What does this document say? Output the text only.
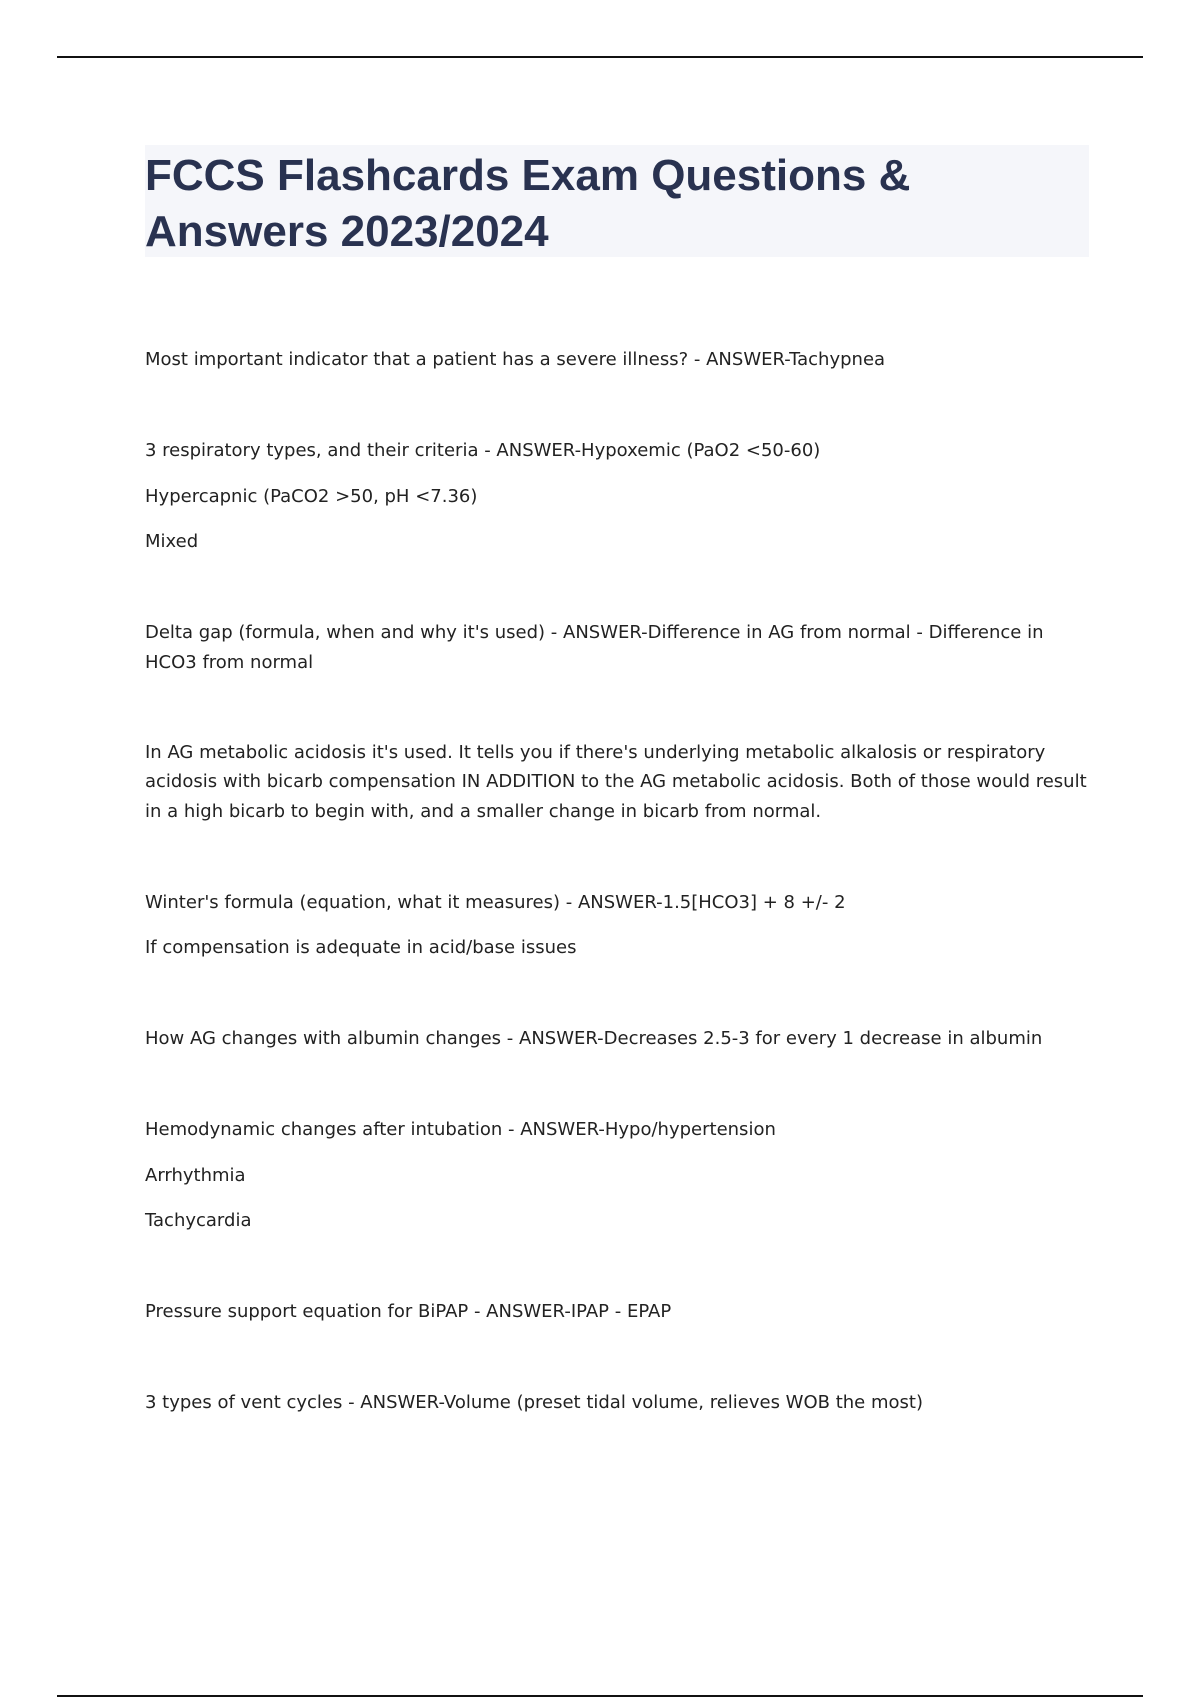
FCCS Flashcards Exam Questions & Answers 2023/2024
Most important indicator that a patient has a severe illness? - ANSWER-Tachypnea
3 respiratory types, and their criteria - ANSWER-Hypoxemic (PaO2 <50-60)
Hypercapnic (PaCO2 >50, pH <7.36)
Mixed
Delta gap (formula, when and why it's used) - ANSWER-Difference in AG from normal - Difference in
HCO3 from normal
In AG metabolic acidosis it's used. It tells you if there's underlying metabolic alkalosis or respiratory
acidosis with bicarb compensation IN ADDITION to the AG metabolic acidosis. Both of those would result
in a high bicarb to begin with, and a smaller change in bicarb from normal.
Winter's formula (equation, what it measures) - ANSWER-1.5[HCO3] + 8 +/- 2
If compensation is adequate in acid/base issues
How AG changes with albumin changes - ANSWER-Decreases 2.5-3 for every 1 decrease in albumin
Hemodynamic changes after intubation - ANSWER-Hypo/hypertension
Arrhythmia
Tachycardia
Pressure support equation for BiPAP - ANSWER-IPAP - EPAP
3 types of vent cycles - ANSWER-Volume (preset tidal volume, relieves WOB the most)
